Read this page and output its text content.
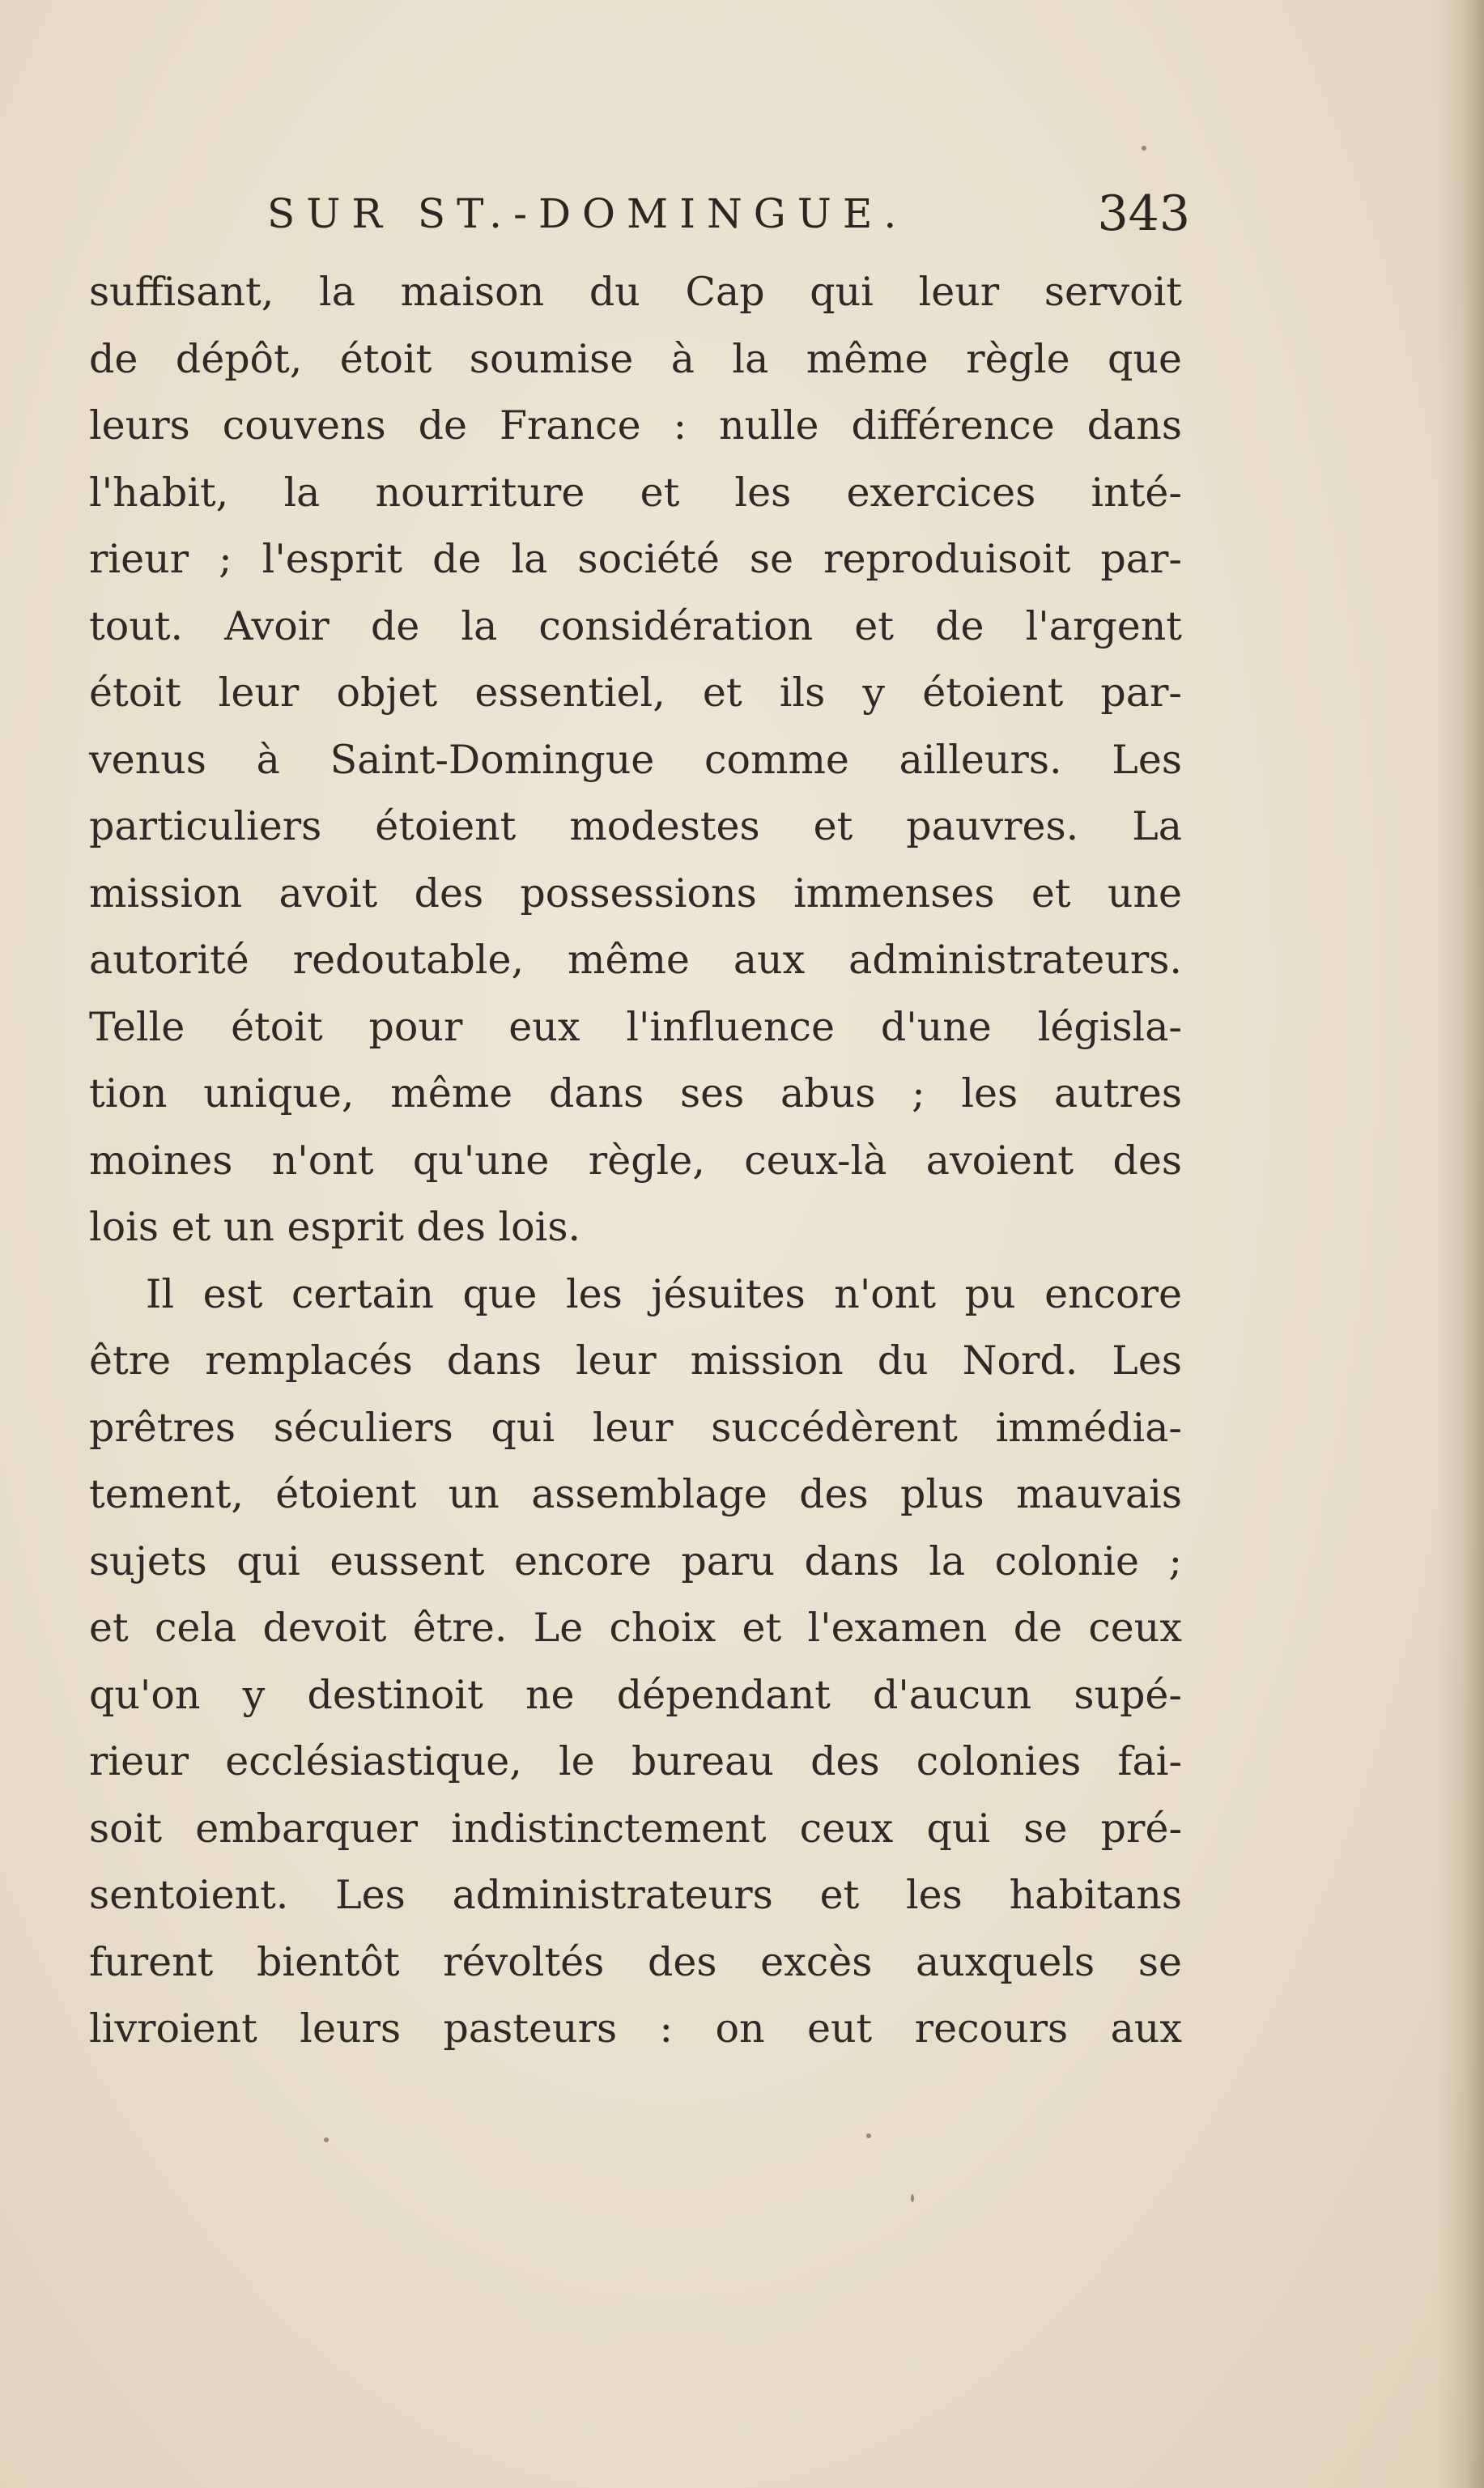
SUR ST.-DOMINGUE.	343
suffisant, la maison du Cap qui leur servoit
de dépôt, étoit soumise à la même règle que
leurs couvens de France : nulle différence dans
l'habit, la nourriture et les exercices inté-
rieur ; l'esprit de la société se reproduisoit par-
tout. Avoir de la considération et de l'argent
étoit leur objet essentiel, et ils y étoient par-
venus à Saint-Domingue comme ailleurs. Les
particuliers étoient modestes et pauvres. La
mission avoit des possessions immenses et une
autorité redoutable, même aux administrateurs.
Telle étoit pour eux l'influence d'une législa-
tion unique, même dans ses abus ; les autres
moines n'ont qu'une règle, ceux-là avoient des
lois et un esprit des lois.
Il est certain que les jésuites n'ont pu encore
être remplacés dans leur mission du Nord. Les
prêtres séculiers qui leur succédèrent immédia-
tement, étoient un assemblage des plus mauvais
sujets qui eussent encore paru dans la colonie ;
et cela devoit être. Le choix et l'examen de ceux
qu'on y destinoit ne dépendant d'aucun supé-
rieur ecclésiastique, le bureau des colonies fai-
soit embarquer indistinctement ceux qui se pré-
sentoient. Les administrateurs et les habitans
furent bientôt révoltés des excès auxquels se
livroient leurs pasteurs : on eut recours aux
